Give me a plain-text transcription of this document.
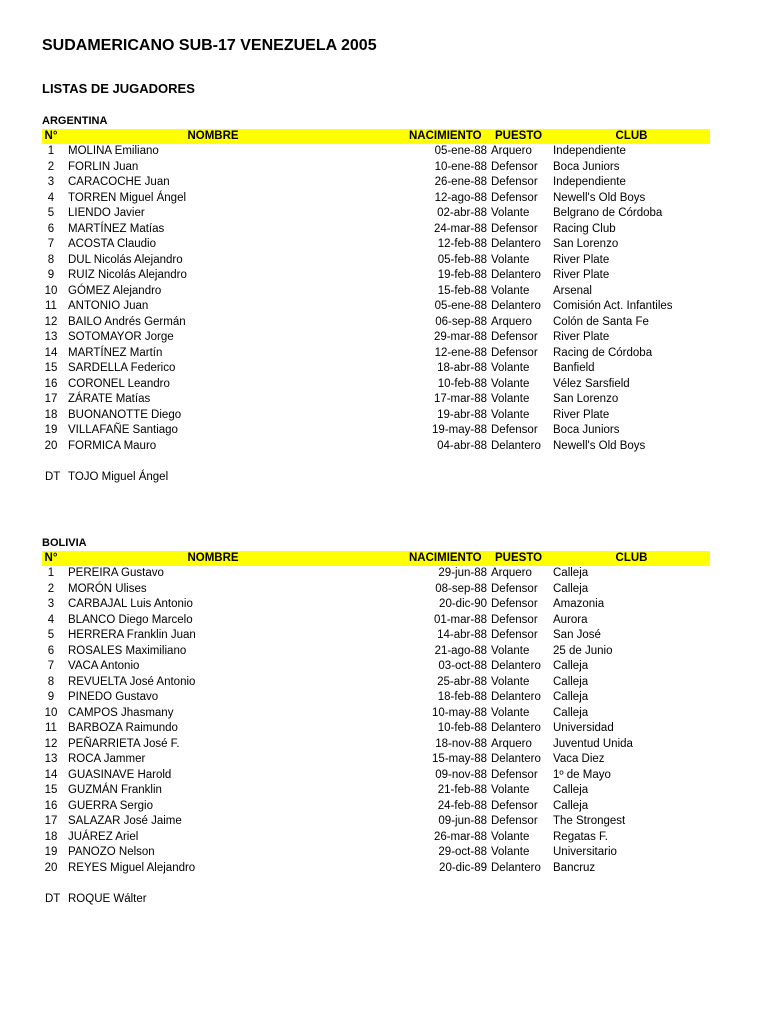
SUDAMERICANO SUB-17 VENEZUELA 2005
LISTAS DE JUGADORES
ARGENTINA
N°	NOMBRE	NACIMIENTO PUESTO	CLUB
1	MOLINA Emiliano	05-ene-88 Arquero Independiente
2	FORLIN Juan	10-ene-88 Defensor Boca Juniors
3	CARACOCHE Juan	26-ene-88 Defensor Independiente
4	TORREN Miguel Ángel	12-ago-88 Defensor Newell's Old Boys
5	LIENDO Javier	02-abr-88 Volante Belgrano de Córdoba
6	MARTÍNEZ Matías	24-mar-88 Defensor Racing Club
7	ACOSTA Claudio	12-feb-88 Delantero San Lorenzo
8	DUL Nicolás Alejandro	05-feb-88 Volante River Plate
9	RUIZ Nicolás Alejandro	19-feb-88 Delantero River Plate
10 GÓMEZ Alejandro	15-feb-88 Volante Arsenal
11 ANTONIO Juan	05-ene-88 Delantero Comisión Act. Infantiles
12 BAILO Andrés Germán	06-sep-88 Arquero Colón de Santa Fe
13 SOTOMAYOR Jorge	29-mar-88 Defensor River Plate
14 MARTÍNEZ Martín	12-ene-88 Defensor Racing de Córdoba
15 SARDELLA Federico	18-abr-88 Volante Banfield
16 CORONEL Leandro	10-feb-88 Volante Vélez Sarsfield
17 ZÁRATE Matías	17-mar-88 Volante San Lorenzo
18 BUONANOTTE Diego	19-abr-88 Volante River Plate
19 VILLAFAÑE Santiago	19-may-88 Defensor Boca Juniors
20 FORMICA Mauro	04-abr-88 Delantero Newell's Old Boys
DT TOJO Miguel Ángel
BOLIVIA
N°	NOMBRE	NACIMIENTO PUESTO	CLUB
1	PEREIRA Gustavo	29-jun-88 Arquero Calleja
2	MORÓN Ulises	08-sep-88 Defensor Calleja
3	CARBAJAL Luis Antonio	20-dic-90 Defensor Amazonia
4	BLANCO Diego Marcelo	01-mar-88 Defensor Aurora
5	HERRERA Franklin Juan	14-abr-88 Defensor San José
6	ROSALES Maximiliano	21-ago-88 Volante 25 de Junio
7	VACA Antonio	03-oct-88 Delantero Calleja
8	REVUELTA José Antonio	25-abr-88 Volante Calleja
9	PINEDO Gustavo	18-feb-88 Delantero Calleja
10 CAMPOS Jhasmany	10-may-88 Volante Calleja
11 BARBOZA Raimundo	10-feb-88 Delantero Universidad
12 PEÑARRIETA José F.	18-nov-88 Arquero Juventud Unida
13 ROCA Jammer	15-may-88 Delantero Vaca Diez
14 GUASINAVE Harold	09-nov-88 Defensor 1º de Mayo
15 GUZMÁN Franklin	21-feb-88 Volante Calleja
16 GUERRA Sergio	24-feb-88 Defensor Calleja
17 SALAZAR José Jaime	09-jun-88 Defensor The Strongest
18 JUÁREZ Ariel	26-mar-88 Volante Regatas F.
19 PANOZO Nelson	29-oct-88 Volante Universitario
20 REYES Miguel Alejandro	20-dic-89 Delantero Bancruz
DT ROQUE Wálter
